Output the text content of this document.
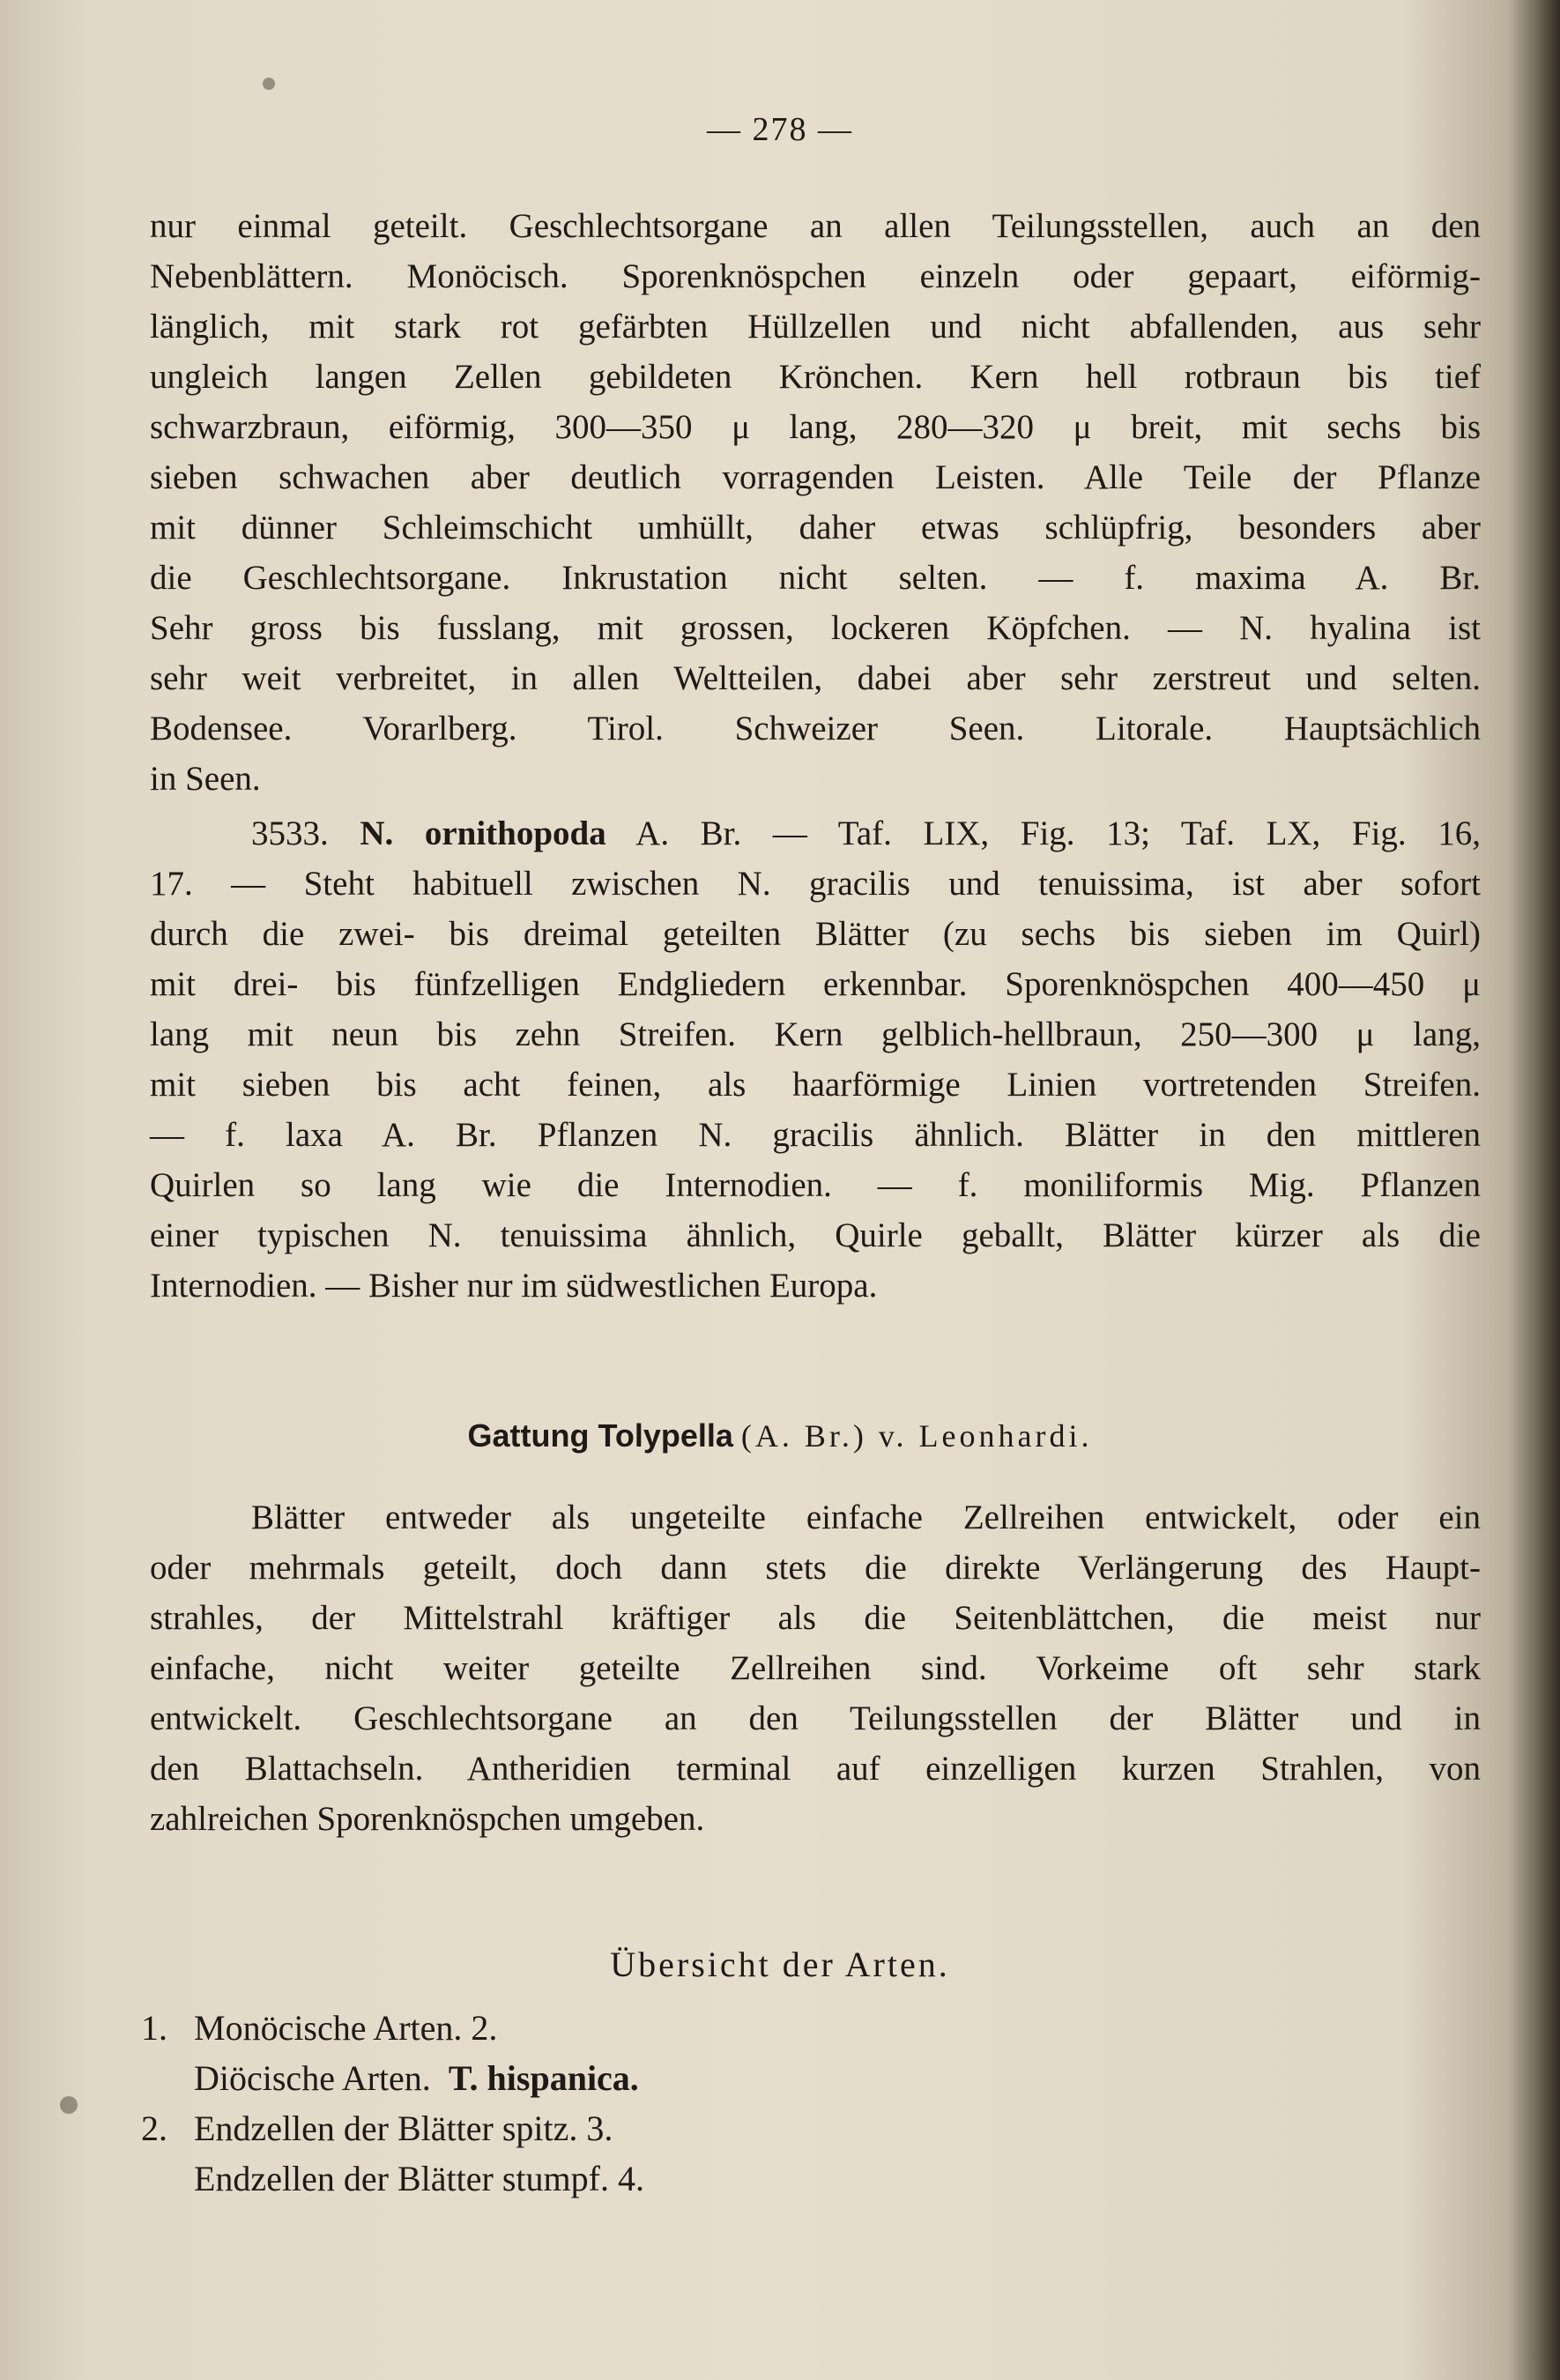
— 278 —
nur einmal geteilt. Geschlechtsorgane an allen Teilungsstellen, auch an den
Nebenblättern. Monöcisch. Sporenknöspchen einzeln oder gepaart, eiförmig-
länglich, mit stark rot gefärbten Hüllzellen und nicht abfallenden, aus sehr
ungleich langen Zellen gebildeten Krönchen. Kern hell rotbraun bis tief
schwarzbraun, eiförmig, 300—350 μ lang, 280—320 μ breit, mit sechs bis
sieben schwachen aber deutlich vorragenden Leisten. Alle Teile der Pflanze
mit dünner Schleimschicht umhüllt, daher etwas schlüpfrig, besonders aber
die Geschlechtsorgane. Inkrustation nicht selten. — f. maxima A. Br.
Sehr gross bis fusslang, mit grossen, lockeren Köpfchen. — N. hyalina ist
sehr weit verbreitet, in allen Weltteilen, dabei aber sehr zerstreut und selten.
Bodensee. Vorarlberg. Tirol. Schweizer Seen. Litorale. Hauptsächlich
in Seen.
3533. N. ornithopoda A. Br. — Taf. LIX, Fig. 13; Taf. LX, Fig. 16,
17. — Steht habituell zwischen N. gracilis und tenuissima, ist aber sofort
durch die zwei- bis dreimal geteilten Blätter (zu sechs bis sieben im Quirl)
mit drei- bis fünfzelligen Endgliedern erkennbar. Sporenknöspchen 400—450 μ
lang mit neun bis zehn Streifen. Kern gelblich-hellbraun, 250—300 μ lang,
mit sieben bis acht feinen, als haarförmige Linien vortretenden Streifen.
— f. laxa A. Br. Pflanzen N. gracilis ähnlich. Blätter in den mittleren
Quirlen so lang wie die Internodien. — f. moniliformis Mig. Pflanzen
einer typischen N. tenuissima ähnlich, Quirle geballt, Blätter kürzer als die
Internodien. — Bisher nur im südwestlichen Europa.
Gattung Tolypella (A. Br.) v. Leonhardi.
Blätter entweder als ungeteilte einfache Zellreihen entwickelt, oder ein
oder mehrmals geteilt, doch dann stets die direkte Verlängerung des Haupt-
strahles, der Mittelstrahl kräftiger als die Seitenblättchen, die meist nur
einfache, nicht weiter geteilte Zellreihen sind. Vorkeime oft sehr stark
entwickelt. Geschlechtsorgane an den Teilungsstellen der Blätter und in
den Blattachseln. Antheridien terminal auf einzelligen kurzen Strahlen, von
zahlreichen Sporenknöspchen umgeben.
Übersicht der Arten.
1. Monöcische Arten. 2.
Diöcische Arten.  T. hispanica.
2. Endzellen der Blätter spitz. 3.
Endzellen der Blätter stumpf. 4.
